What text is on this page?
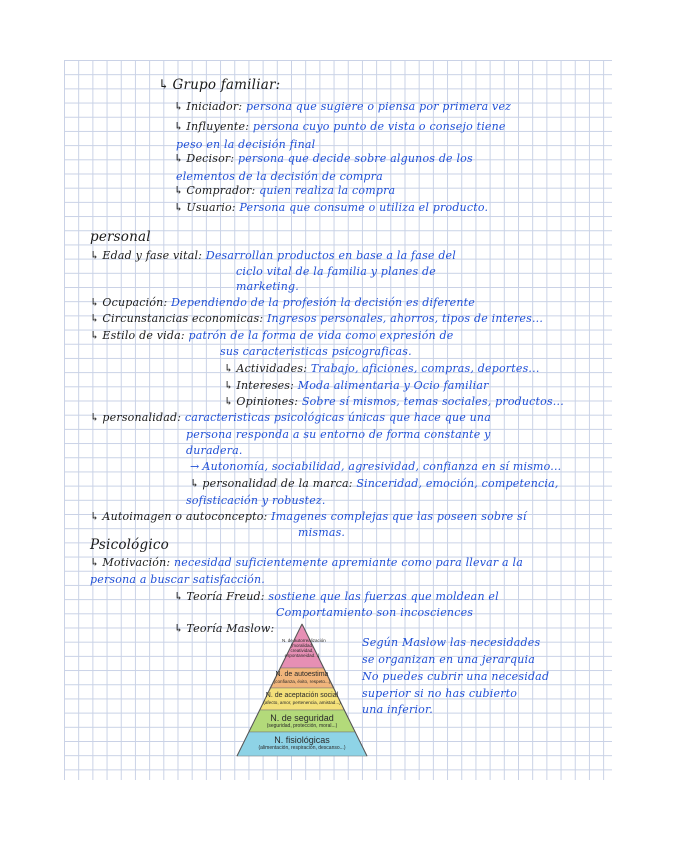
↳ Grupo familiar:
↳ Iniciador: persona que sugiere o piensa por primera vez
↳ Influyente: persona cuyo punto de vista o consejo tiene
peso en la decisión final
↳ Decisor: persona que decide sobre algunos de los
elementos de la decisión de compra
↳ Comprador: quien realiza la compra
↳ Usuario: Persona que consume o utiliza el producto.
personal
↳ Edad y fase vital: Desarrollan productos en base a la fase del
ciclo vital de la familia y planes de
marketing.
↳ Ocupación: Dependiendo de la profesión la decisión es diferente
↳ Circunstancias economicas: Ingresos personales, ahorros, tipos de interes...
↳ Estilo de vida: patrón de la forma de vida como expresión de
sus caracteristicas psicograficas.
↳ Actividades: Trabajo, aficiones, compras, deportes...
↳ Intereses: Moda alimentaria y Ocio familiar
↳ Opiniones: Sobre sí mismos, temas sociales, productos...
↳ personalidad: caracteristicas psicológicas únicas que hace que una
persona responda a su entorno de forma constante y
duradera.
→ Autonomía, sociabilidad, agresividad, confianza en sí mismo...
↳ personalidad de la marca: Sinceridad, emoción, competencia,
sofisticación y robustez.
↳ Autoimagen o autoconcepto: Imagenes complejas que las poseen sobre sí
mismas.
Psicológico
↳ Motivación: necesidad suficientemente apremiante como para llevar a la
persona a buscar satisfacción.
↳ Teoría Freud: sostiene que las fuerzas que moldean el
Comportamiento son incosciences
↳ Teoría Maslow:
Según Maslow las necesidades
se organizan en una jerarquia
No puedes cubrir una necesidad
superior si no has cubierto
una inferior.
N. de autorrealización
(moralidad, creatividad, espontaneidad...)
N. de autoestima
(confianza, éxito, respeto...)
N. de aceptación social
(afecto, amor, pertenencia, amistad...)
N. de seguridad
(seguridad, protección, moral...)
N. fisiológicas
(alimentación, respiración, descanso...)
